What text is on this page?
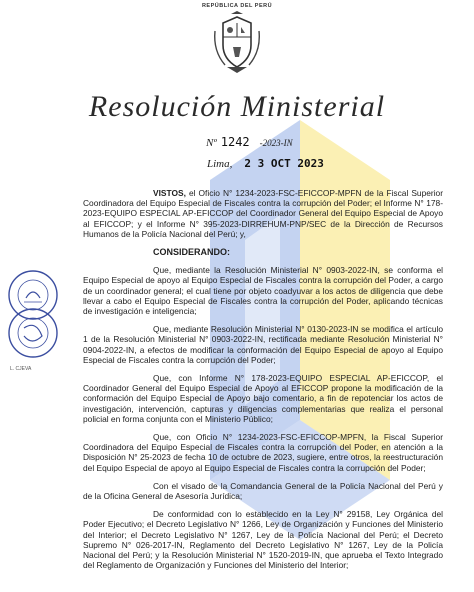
REPÚBLICA DEL PERÚ
Resolución Ministerial
Nº 1242 -2023-IN
Lima, 2 3 OCT 2023
L. CJEVA

VISTOS, el Oficio N° 1234-2023-FSC-EFICCOP-MPFN de la Fiscal Superior Coordinadora del Equipo Especial de Fiscales contra la corrupción del Poder; el Informe N° 178-2023-EQUIPO ESPECIAL AP-EFICCOP del Coordinador General del Equipo Especial de Apoyo al EFICCOP; y el Informe N° 395-2023-DIRREHUM-PNP/SEC de la Dirección de Recursos Humanos de la Policía Nacional del Perú; y,

CONSIDERANDO:

Que, mediante la Resolución Ministerial N° 0903-2022-IN, se conforma el Equipo Especial de apoyo al Equipo Especial de Fiscales contra la corrupción del Poder, a cargo de un coordinador general; el cual tiene por objeto coadyuvar a los actos de diligencia que debe llevar a cabo el Equipo Especial de Fiscales contra la corrupción del Poder, aplicando técnicas de investigación e inteligencia;

Que, mediante Resolución Ministerial N° 0130-2023-IN se modifica el artículo 1 de la Resolución Ministerial N° 0903-2022-IN, rectificada mediante Resolución Ministerial N° 0904-2022-IN, a efectos de modificar la conformación del Equipo Especial de apoyo al Equipo Especial de Fiscales contra la corrupción del Poder;

Que, con Informe N° 178-2023-EQUIPO ESPECIAL AP-EFICCOP, el Coordinador General del Equipo Especial de Apoyo al EFICCOP propone la modificación de la conformación del Equipo Especial de Apoyo bajo comentario, a fin de repotenciar los actos de investigación, intervención, capturas y diligencias complementarias que realiza el personal policial en forma conjunta con el Ministerio Público;

Que, con Oficio N° 1234-2023-FSC-EFICCOP-MPFN, la Fiscal Superior Coordinadora del Equipo Especial de Fiscales contra la corrupción del Poder, en atención a la Disposición N° 25-2023 de fecha 10 de octubre de 2023, sugiere, entre otros, la reestructuración del Equipo Especial de apoyo al Equipo Especial de Fiscales contra la corrupción del Poder;

Con el visado de la Comandancia General de la Policía Nacional del Perú y de la Oficina General de Asesoría Jurídica;

De conformidad con lo establecido en la Ley N° 29158, Ley Orgánica del Poder Ejecutivo; el Decreto Legislativo N° 1266, Ley de Organización y Funciones del Ministerio del Interior; el Decreto Legislativo N° 1267, Ley de la Policía Nacional del Perú; el Decreto Supremo N° 026-2017-IN, Reglamento del Decreto Legislativo N° 1267, Ley de la Policía Nacional del Perú; y la Resolución Ministerial N° 1520-2019-IN, que aprueba el Texto Integrado del Reglamento de Organización y Funciones del Ministerio del Interior;
